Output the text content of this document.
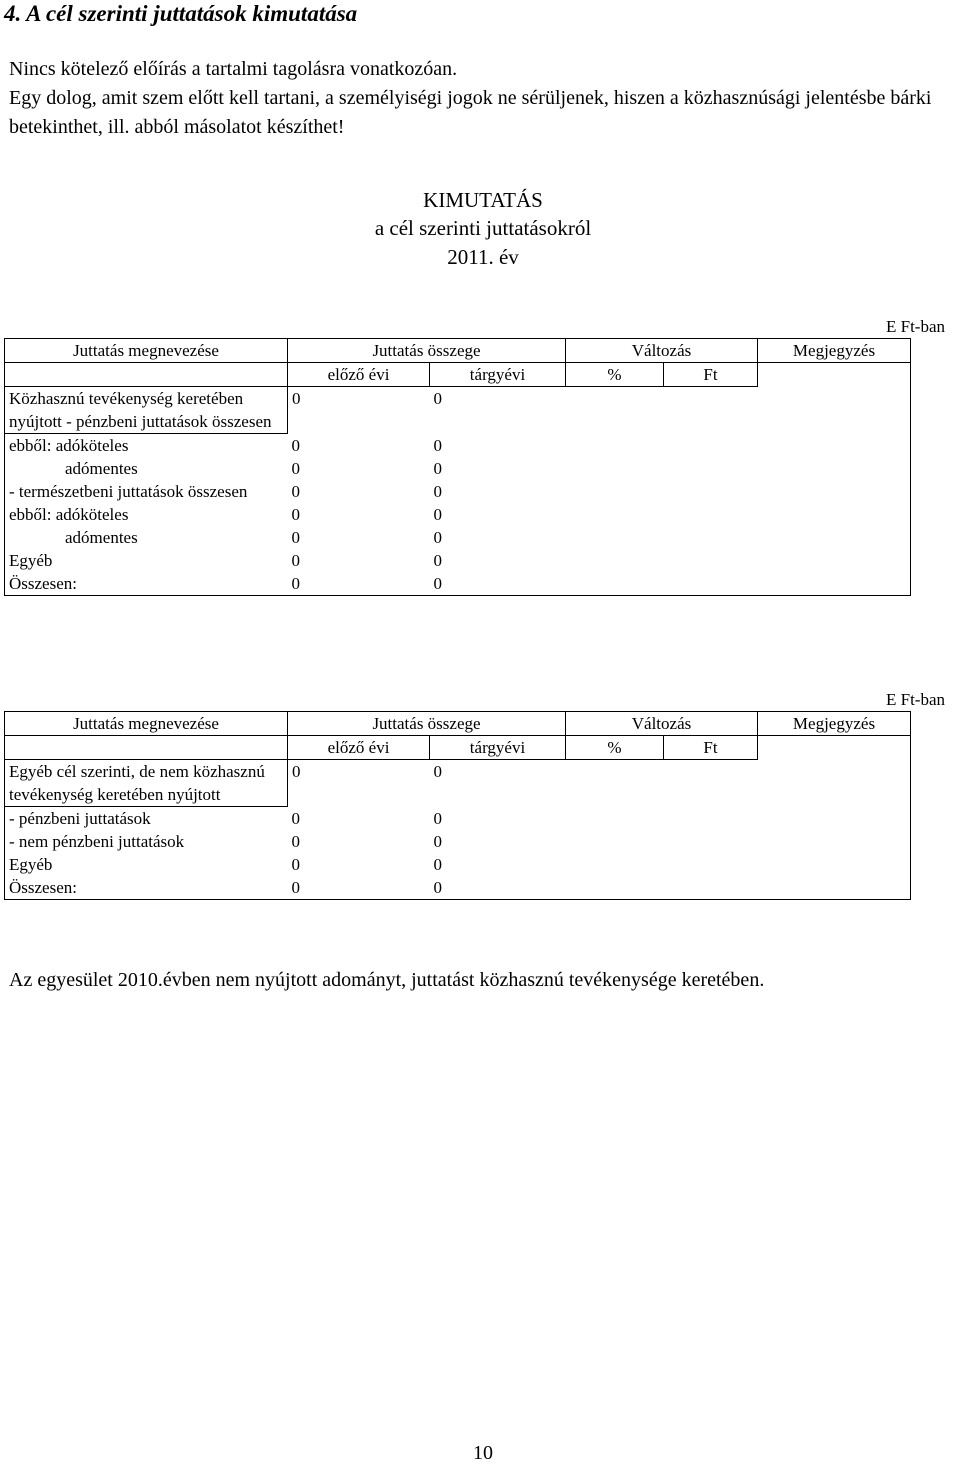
4. A cél szerinti juttatások kimutatása

Nincs kötelező előírás a tartalmi tagolásra vonatkozóan.

Egy dolog, amit szem előtt kell tartani, a személyiségi jogok ne sérüljenek, hiszen a közhasznúsági jelentésbe bárki betekinthet, ill. abból másolatot készíthet!

KIMUTATÁS
a cél szerinti juttatásokról
2011. év
E Ft-ban
Juttatás megnevezése	Juttatás összege		Változás		Megjegyzés
	előző évi	tárgyévi	%	Ft	

Közhasznú tevékenység keretében nyújtott - pénzbeni juttatások összesen	0	0			
ebből: adóköteles	0	0			
adómentes	0	0			

- természetbeni juttatások összesen	0	0			
ebből: adóköteles	0	0			
adómentes	0	0			
Egyéb	0	0			
Összesen:	0	0			
E Ft-ban
Juttatás megnevezése	Juttatás összege		Változás		Megjegyzés
	előző évi	tárgyévi	%	Ft	

Egyéb cél szerinti, de nem közhasznú tevékenység keretében nyújtott	0	0			
- pénzbeni juttatások	0	0			
- nem pénzbeni juttatások	0	0			
Egyéb	0	0			
Összesen:	0	0			
Az egyesület 2010.évben nem nyújtott adományt, juttatást közhasznú tevékenysége keretében.
10
